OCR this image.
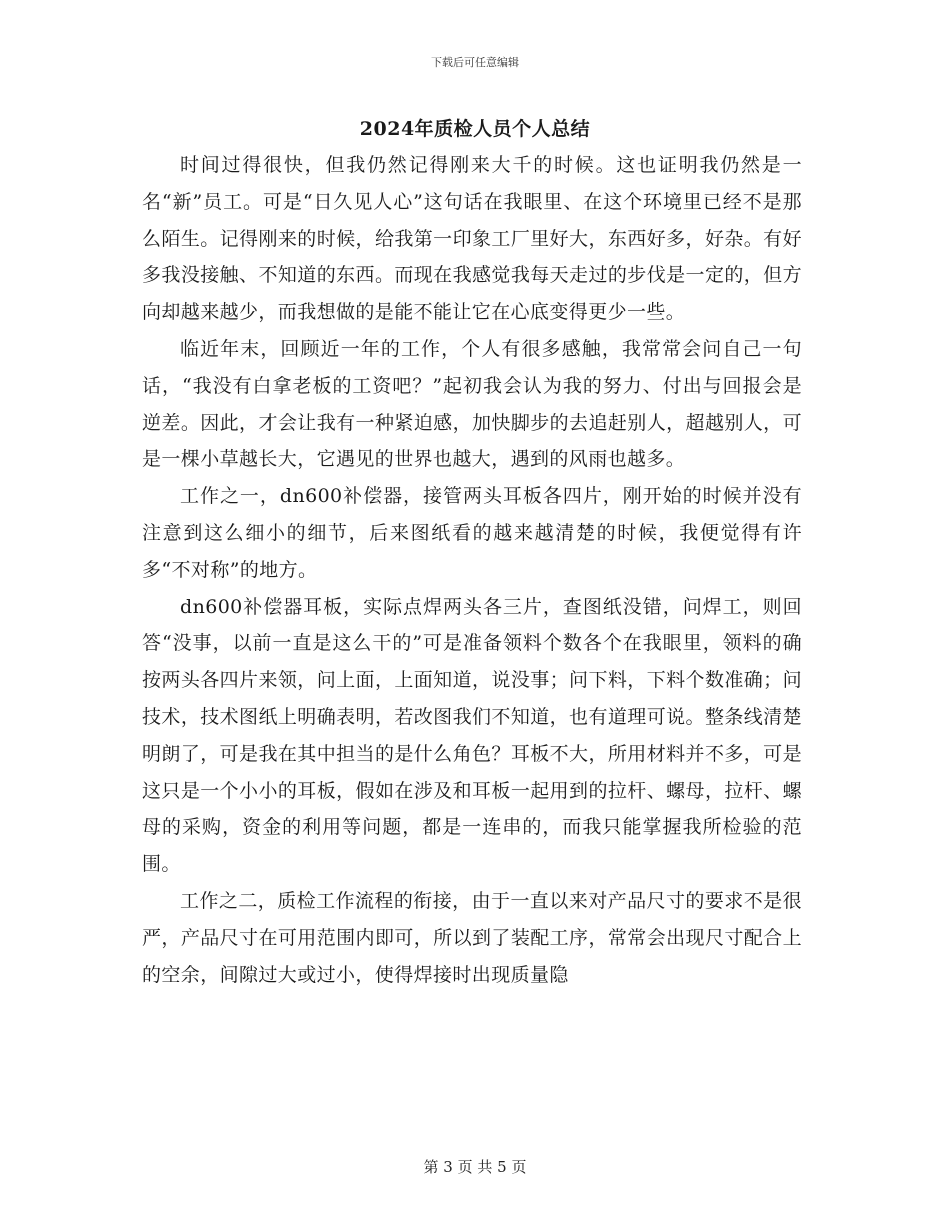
下载后可任意编辑
2024年质检人员个人总结

时间过得很快，但我仍然记得刚来大千的时候。这也证明我仍然是一名“新”员工。可是“日久见人心”这句话在我眼里、在这个环境里已经不是那么陌生。记得刚来的时候，给我第一印象工厂里好大，东西好多，好杂。有好多我没接触、不知道的东西。而现在我感觉我每天走过的步伐是一定的，但方向却越来越少，而我想做的是能不能让它在心底变得更少一些。

临近年末，回顾近一年的工作，个人有很多感触，我常常会问自己一句话，“我没有白拿老板的工资吧？”起初我会认为我的努力、付出与回报会是逆差。因此，才会让我有一种紧迫感，加快脚步的去追赶别人，超越别人，可是一棵小草越长大，它遇见的世界也越大，遇到的风雨也越多。

工作之一，dn600补偿器，接管两头耳板各四片，刚开始的时候并没有注意到这么细小的细节，后来图纸看的越来越清楚的时候，我便觉得有许多“不对称”的地方。

dn600补偿器耳板，实际点焊两头各三片，查图纸没错，问焊工，则回答“没事，以前一直是这么干的”可是准备领料个数各个在我眼里，领料的确按两头各四片来领，问上面，上面知道，说没事；问下料，下料个数准确；问技术，技术图纸上明确表明，若改图我们不知道，也有道理可说。整条线清楚明朗了，可是我在其中担当的是什么角色？耳板不大，所用材料并不多，可是这只是一个小小的耳板，假如在涉及和耳板一起用到的拉杆、螺母，拉杆、螺母的采购，资金的利用等问题，都是一连串的，而我只能掌握我所检验的范围。

工作之二，质检工作流程的衔接，由于一直以来对产品尺寸的要求不是很严，产品尺寸在可用范围内即可，所以到了装配工序，常常会出现尺寸配合上的空余，间隙过大或过小，使得焊接时出现质量隐

第 3 页 共 5 页
